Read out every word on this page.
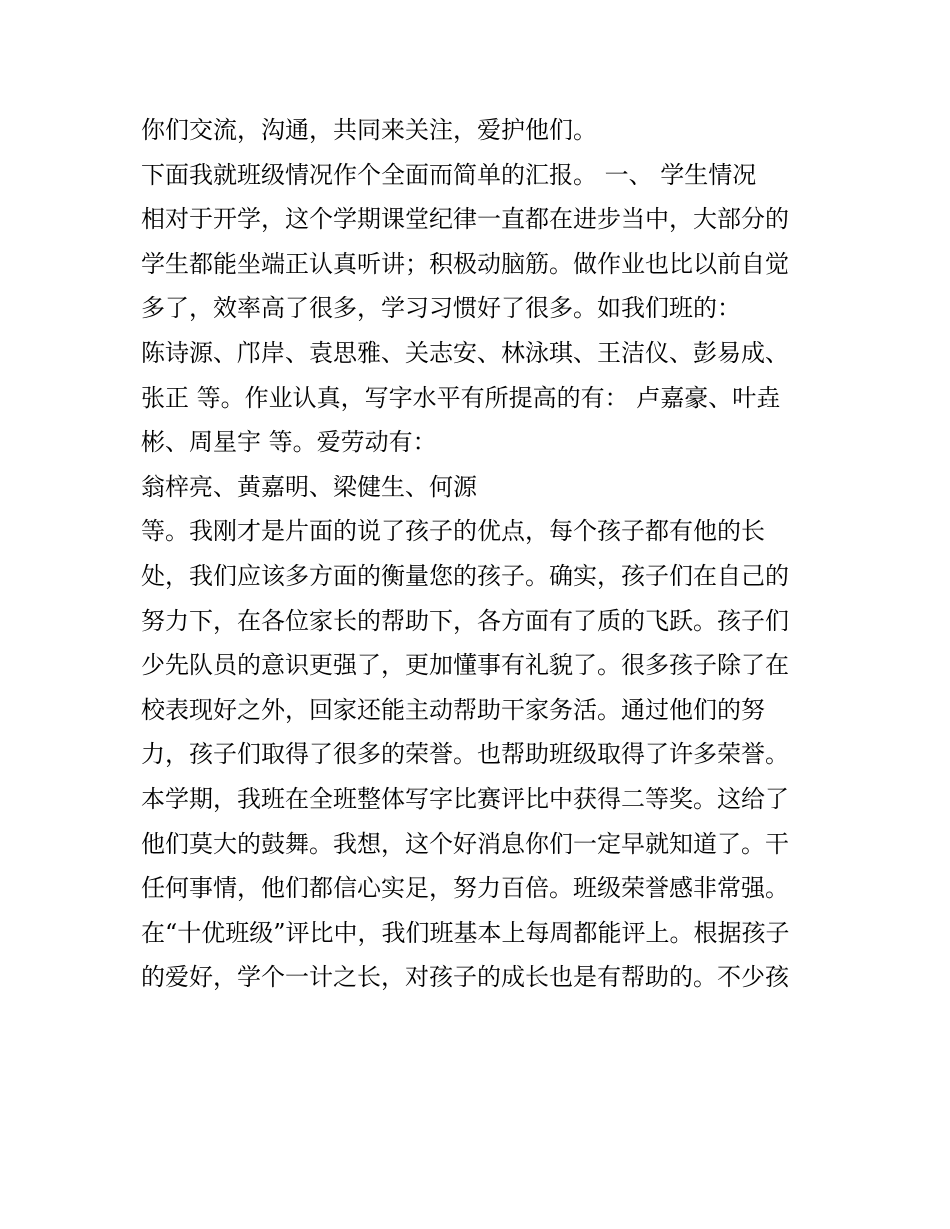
你们交流，沟通，共同来关注，爱护他们。
下面我就班级情况作个全面而简单的汇报。 一、 学生情况
相对于开学，这个学期课堂纪律一直都在进步当中，大部分的
学生都能坐端正认真听讲；积极动脑筋。做作业也比以前自觉
多了，效率高了很多，学习习惯好了很多。如我们班的：
陈诗源、邝岸、袁思雅、关志安、林泳琪、王洁仪、彭易成、
张正 等。作业认真，写字水平有所提高的有： 卢嘉豪、叶垚
彬、周星宇 等。爱劳动有：
翁梓亮、黄嘉明、梁健生、何源
等。我刚才是片面的说了孩子的优点，每个孩子都有他的长
处，我们应该多方面的衡量您的孩子。确实，孩子们在自己的
努力下，在各位家长的帮助下，各方面有了质的飞跃。孩子们
少先队员的意识更强了，更加懂事有礼貌了。很多孩子除了在
校表现好之外，回家还能主动帮助干家务活。通过他们的努
力，孩子们取得了很多的荣誉。也帮助班级取得了许多荣誉。
本学期，我班在全班整体写字比赛评比中获得二等奖。这给了
他们莫大的鼓舞。我想，这个好消息你们一定早就知道了。干
任何事情，他们都信心实足，努力百倍。班级荣誉感非常强。
在“十优班级”评比中，我们班基本上每周都能评上。根据孩子
的爱好，学个一计之长，对孩子的成长也是有帮助的。不少孩
